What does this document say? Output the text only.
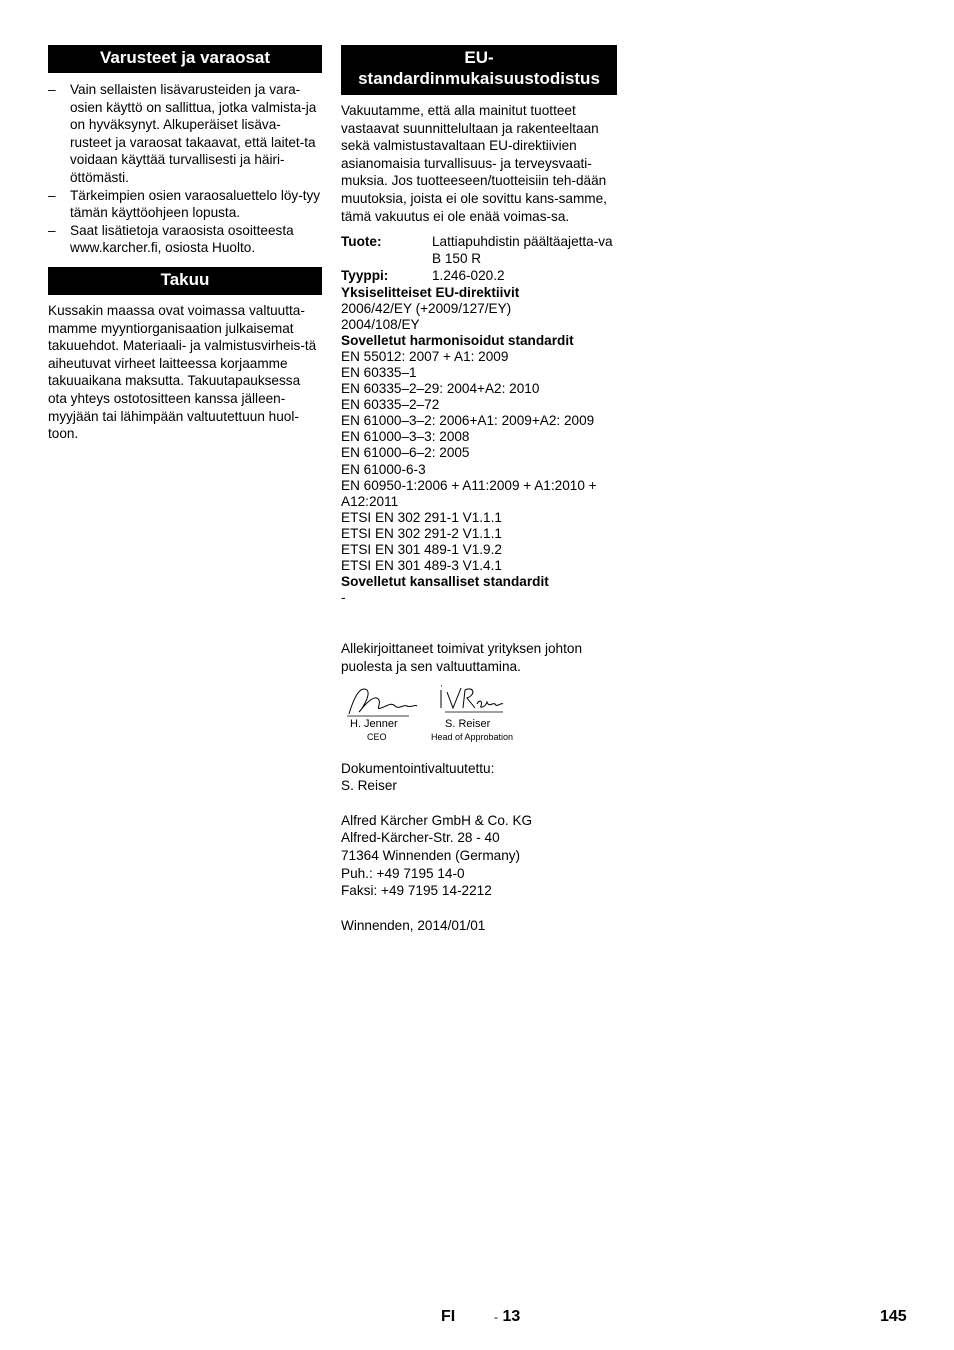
Varusteet ja varaosat
– Vain sellaisten lisävarusteiden ja vara-osien käyttö on sallittua, jotka valmista-ja on hyväksynyt. Alkuperäiset lisäva-rusteet ja varaosat takaavat, että laitet-ta voidaan käyttää turvallisesti ja häiri-öttömästi.
– Tärkeimpien osien varaosaluettelo löy-tyy tämän käyttöohjeen lopusta.
– Saat lisätietoja varaosista osoitteesta www.karcher.fi, osiosta Huolto.
Takuu

Kussakin maassa ovat voimassa valtuutta-mamme myyntiorganisaation julkaisemat takuuehdot. Materiaali- ja valmistusvirheis-tä aiheutuvat virheet laitteessa korjaamme takuuaikana maksutta. Takuutapauksessa ota yhteys ostotositteen kanssa jälleen-myyjään tai lähimpään valtuutettuun huol-toon.

EU-
standardinmukaisuustodistus

Vakuutamme, että alla mainitut tuotteet vastaavat suunnittelultaan ja rakenteeltaan sekä valmistustavaltaan EU-direktiivien asianomaisia turvallisuus- ja terveysvaati-muksia. Jos tuotteeseen/tuotteisiin teh-dään muutoksia, joista ei ole sovittu kans-samme, tämä vakuutus ei ole enää voimas-sa.

Tuote:	Lattiapuhdistin päältäajetta-va
B 150 R

Tyyppi:	1.246-020.2
Yksiselitteiset EU-direktiivit
2006/42/EY (+2009/127/EY)
2004/108/EY
Sovelletut harmonisoidut standardit
EN 55012: 2007 + A1: 2009
EN 60335–1
EN 60335–2–29: 2004+A2: 2010
EN 60335–2–72
EN 61000–3–2: 2006+A1: 2009+A2: 2009
EN 61000–3–3: 2008
EN 61000–6–2: 2005
EN 61000-6-3
EN 60950-1:2006 + A11:2009 + A1:2010 +
A12:2011
ETSI EN 302 291-1 V1.1.1
ETSI EN 302 291-2 V1.1.1
ETSI EN 301 489-1 V1.9.2
ETSI EN 301 489-3 V1.4.1
Sovelletut kansalliset standardit
-

Allekirjoittaneet toimivat yrityksen johton puolesta ja sen valtuuttamina.

H. Jenner
CEO
S. Reiser
Head of Approbation

Dokumentointivaltuutettu:

S. Reiser

Alfred Kärcher GmbH & Co. KG

Alfred-Kärcher-Str. 28 - 40

71364 Winnenden (Germany)

Puh.: +49 7195 14-0

Faksi: +49 7195 14-2212

Winnenden, 2014/01/01

FI	- 13	145
